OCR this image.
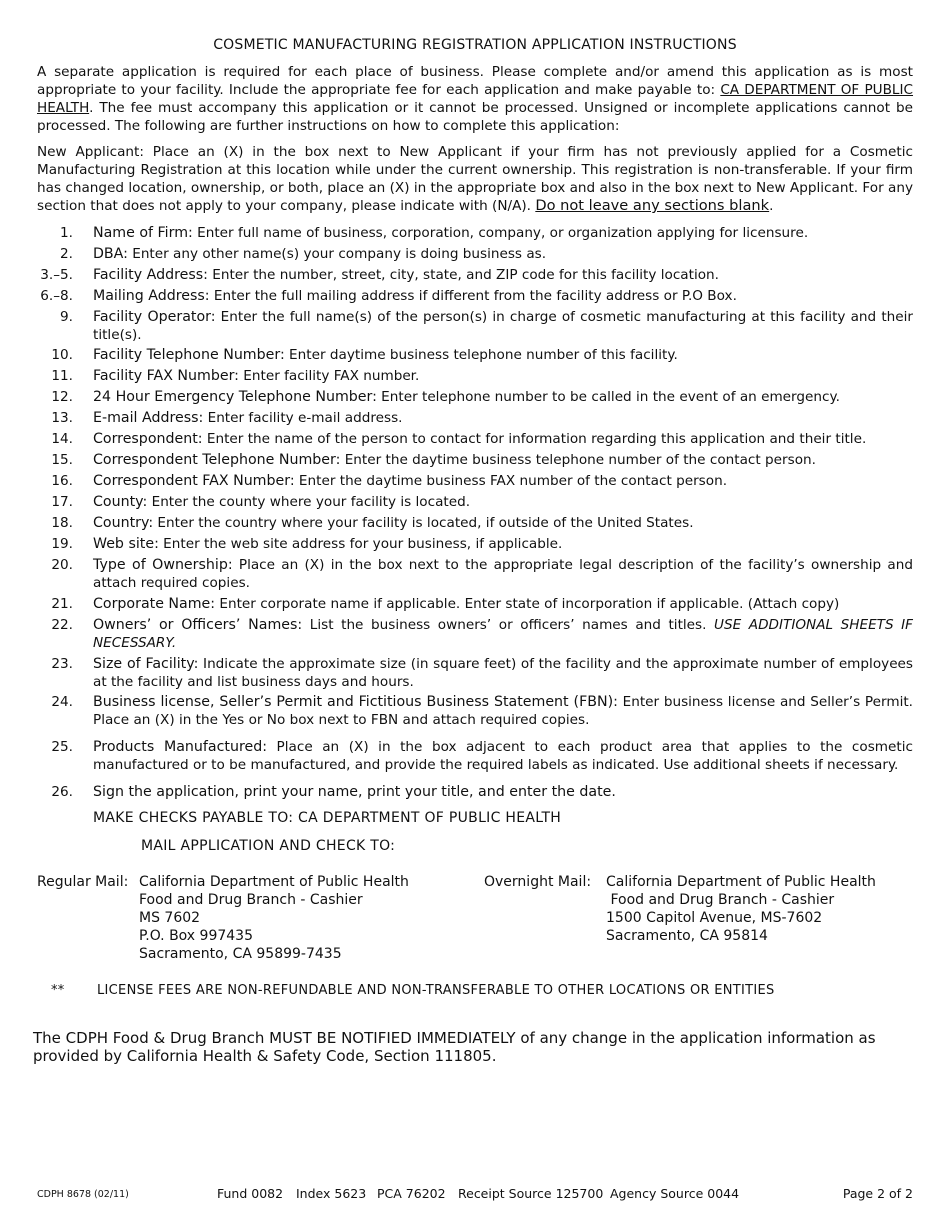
COSMETIC MANUFACTURING REGISTRATION APPLICATION INSTRUCTIONS
A separate application is required for each place of business. Please complete and/or amend this application as is most appropriate to your facility. Include the appropriate fee for each application and make payable to: CA DEPARTMENT OF PUBLIC HEALTH. The fee must accompany this application or it cannot be processed. Unsigned or incomplete applications cannot be processed. The following are further instructions on how to complete this application:
New Applicant: Place an (X) in the box next to New Applicant if your firm has not previously applied for a Cosmetic Manufacturing Registration at this location while under the current ownership. This registration is non-transferable. If your firm has changed location, ownership, or both, place an (X) in the appropriate box and also in the box next to New Applicant. For any section that does not apply to your company, please indicate with (N/A). Do not leave any sections blank.
1. Name of Firm: Enter full name of business, corporation, company, or organization applying for licensure.
2. DBA: Enter any other name(s) your company is doing business as.
3.–5. Facility Address: Enter the number, street, city, state, and ZIP code for this facility location.
6.–8. Mailing Address: Enter the full mailing address if different from the facility address or P.O Box.
9. Facility Operator: Enter the full name(s) of the person(s) in charge of cosmetic manufacturing at this facility and their title(s).
10. Facility Telephone Number: Enter daytime business telephone number of this facility.
11. Facility FAX Number: Enter facility FAX number.
12. 24 Hour Emergency Telephone Number: Enter telephone number to be called in the event of an emergency.
13. E-mail Address: Enter facility e-mail address.
14. Correspondent: Enter the name of the person to contact for information regarding this application and their title.
15. Correspondent Telephone Number: Enter the daytime business telephone number of the contact person.
16. Correspondent FAX Number: Enter the daytime business FAX number of the contact person.
17. County: Enter the county where your facility is located.
18. Country: Enter the country where your facility is located, if outside of the United States.
19. Web site: Enter the web site address for your business, if applicable.
20. Type of Ownership: Place an (X) in the box next to the appropriate legal description of the facility’s ownership and attach required copies.
21. Corporate Name: Enter corporate name if applicable. Enter state of incorporation if applicable. (Attach copy)
22. Owners’ or Officers’ Names: List the business owners’ or officers’ names and titles. USE ADDITIONAL SHEETS IF NECESSARY.
23. Size of Facility: Indicate the approximate size (in square feet) of the facility and the approximate number of employees at the facility and list business days and hours.
24. Business license, Seller’s Permit and Fictitious Business Statement (FBN): Enter business license and Seller’s Permit. Place an (X) in the Yes or No box next to FBN and attach required copies.
25. Products Manufactured: Place an (X) in the box adjacent to each product area that applies to the cosmetic manufactured or to be manufactured, and provide the required labels as indicated. Use additional sheets if necessary.
26. Sign the application, print your name, print your title, and enter the date.
MAKE CHECKS PAYABLE TO: CA DEPARTMENT OF PUBLIC HEALTH
MAIL APPLICATION AND CHECK TO:
Regular Mail: California Department of Public Health
Food and Drug Branch - Cashier
MS 7602
P.O. Box 997435
Sacramento, CA 95899-7435
Overnight Mail: California Department of Public Health
Food and Drug Branch - Cashier
1500 Capitol Avenue, MS-7602
Sacramento, CA 95814
** LICENSE FEES ARE NON-REFUNDABLE AND NON-TRANSFERABLE TO OTHER LOCATIONS OR ENTITIES
The CDPH Food & Drug Branch MUST BE NOTIFIED IMMEDIATELY of any change in the application information as provided by California Health & Safety Code, Section 111805.
CDPH 8678 (02/11)	Fund 0082 Index 5623 PCA 76202 Receipt Source 125700 Agency Source 0044	Page 2 of 2
